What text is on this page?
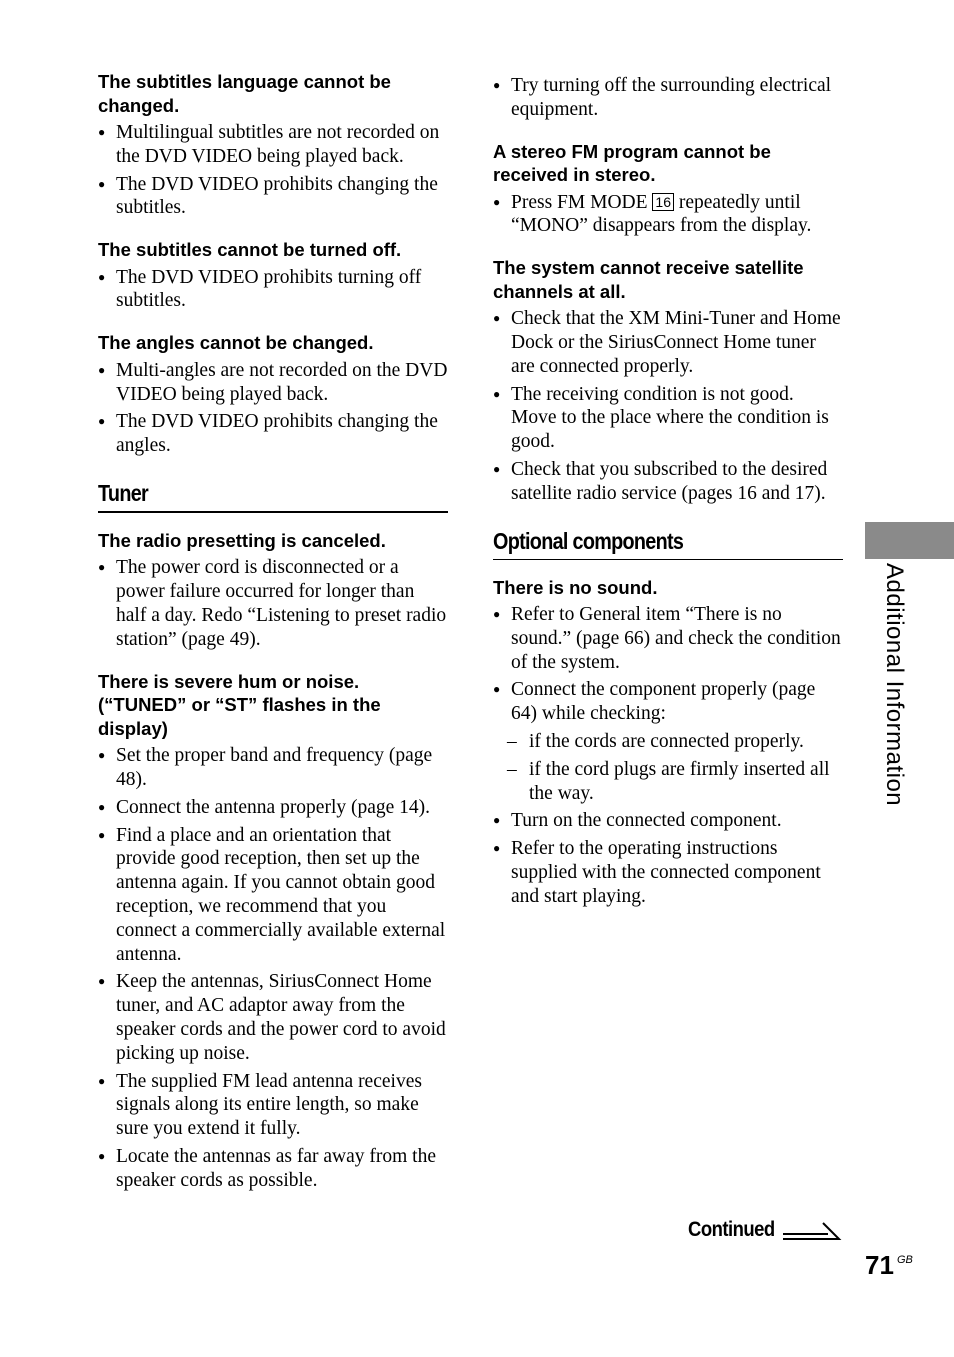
The subtitles language cannot be changed.

● Multilingual subtitles are not recorded on the DVD VIDEO being played back.
● The DVD VIDEO prohibits changing the subtitles.

The subtitles cannot be turned off.

● The DVD VIDEO prohibits turning off subtitles.

The angles cannot be changed.

● Multi-angles are not recorded on the DVD VIDEO being played back.
● The DVD VIDEO prohibits changing the angles.
Tuner

The radio presetting is canceled.

● The power cord is disconnected or a power failure occurred for longer than half a day. Redo “Listening to preset radio station” (page 49).

There is severe hum or noise. (“TUNED” or “ST” flashes in the display)

● Set the proper band and frequency (page 48).
● Connect the antenna properly (page 14).
● Find a place and an orientation that provide good reception, then set up the antenna again. If you cannot obtain good reception, we recommend that you connect a commercially available external antenna.
● Keep the antennas, SiriusConnect Home tuner, and AC adaptor away from the speaker cords and the power cord to avoid picking up noise.
● The supplied FM lead antenna receives signals along its entire length, so make sure you extend it fully.
● Locate the antennas as far away from the speaker cords as possible.
● Try turning off the surrounding electrical equipment.

A stereo FM program cannot be received in stereo.

● Press FM MODE 16 repeatedly until “MONO” disappears from the display.

The system cannot receive satellite channels at all.

● Check that the XM Mini-Tuner and Home Dock or the SiriusConnect Home tuner are connected properly.
● The receiving condition is not good. Move to the place where the condition is good.
● Check that you subscribed to the desired satellite radio service (pages 16 and 17).
Optional components

There is no sound.

● Refer to General item “There is no sound.” (page 66) and check the condition of the system.
● Connect the component properly (page 64) while checking:
– if the cords are connected properly.
– if the cord plugs are firmly inserted all the way.
● Turn on the connected component.
● Refer to the operating instructions supplied with the connected component and start playing.
Additional Information
Continued
71 GB
